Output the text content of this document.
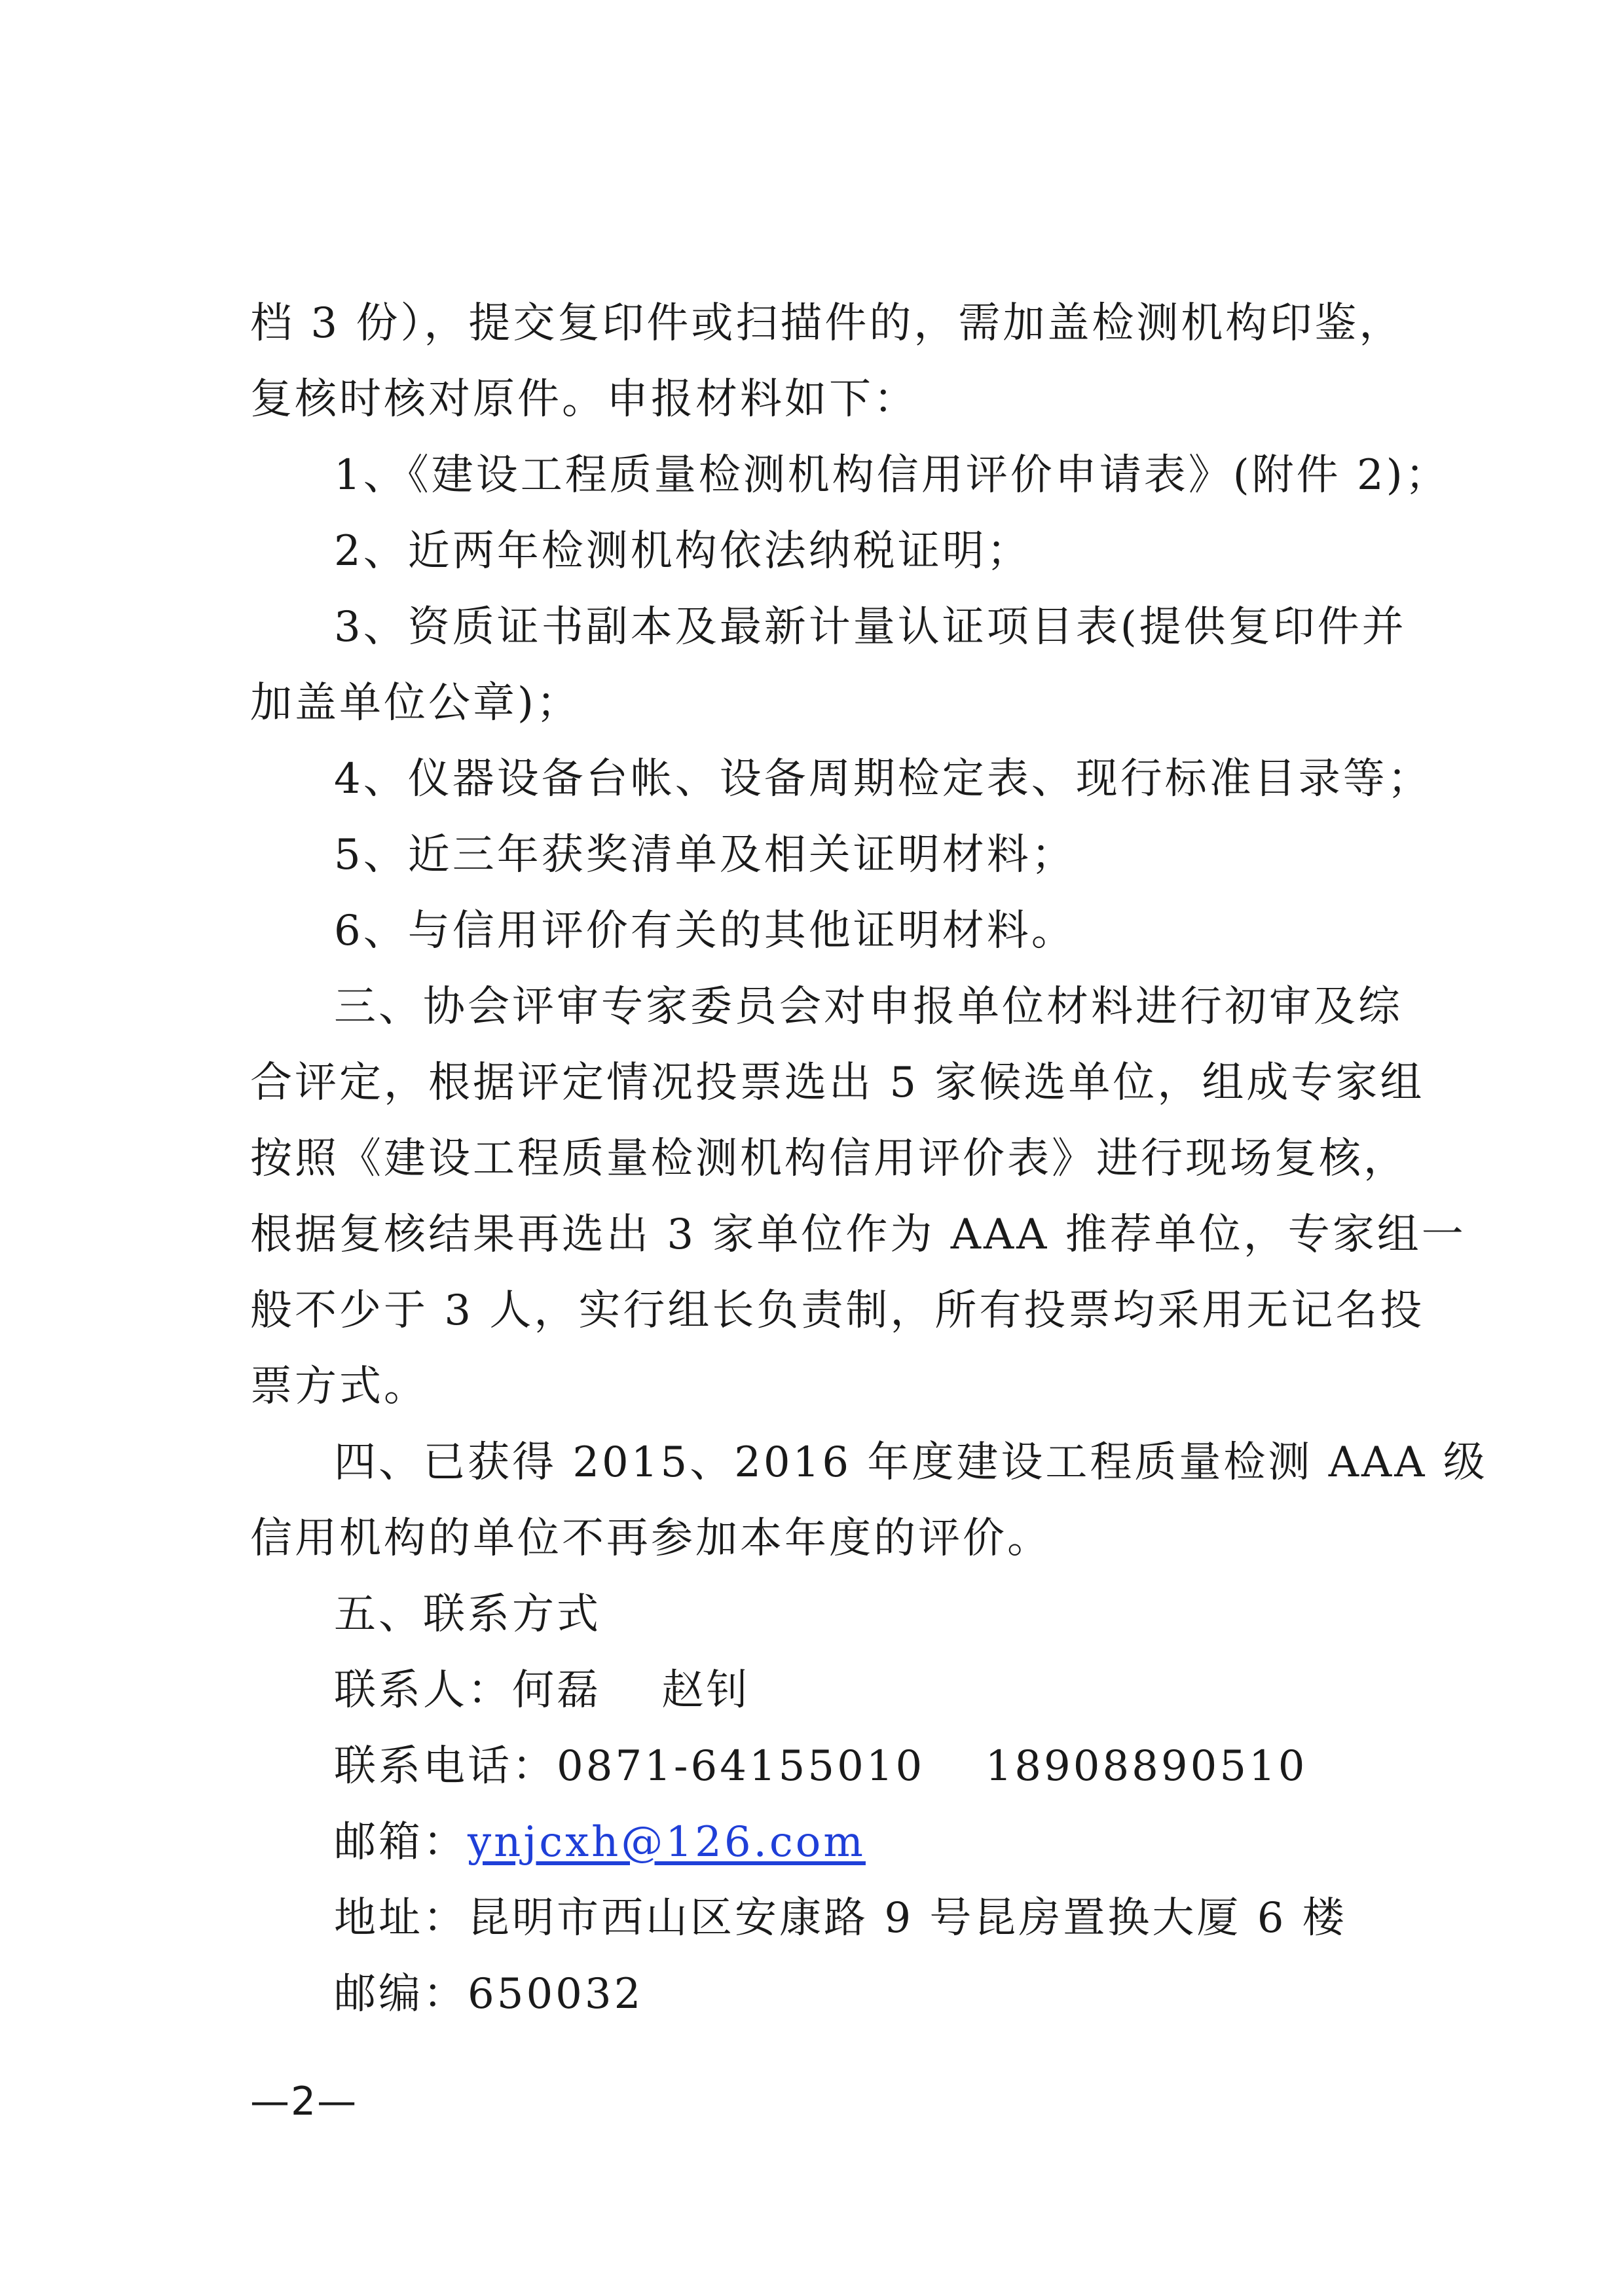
档 3 份），提交复印件或扫描件的，需加盖检测机构印鉴，
复核时核对原件。申报材料如下：
1、《建设工程质量检测机构信用评价申请表》(附件 2)；
2、近两年检测机构依法纳税证明；
3、资质证书副本及最新计量认证项目表(提供复印件并
加盖单位公章)；
4、仪器设备台帐、设备周期检定表、现行标准目录等；
5、近三年获奖清单及相关证明材料；
6、与信用评价有关的其他证明材料。
三、协会评审专家委员会对申报单位材料进行初审及综
合评定，根据评定情况投票选出 5 家候选单位，组成专家组
按照《建设工程质量检测机构信用评价表》进行现场复核，
根据复核结果再选出 3 家单位作为 AAA 推荐单位，专家组一
般不少于 3 人，实行组长负责制，所有投票均采用无记名投
票方式。
四、已获得 2015、2016 年度建设工程质量检测 AAA 级
信用机构的单位不再参加本年度的评价。
五、联系方式
联系人：何磊　 赵钊
联系电话：0871-64155010　 18908890510
邮箱：ynjcxh@126.com
地址：昆明市西山区安康路 9 号昆房置换大厦 6 楼
邮编：650032
—2—
